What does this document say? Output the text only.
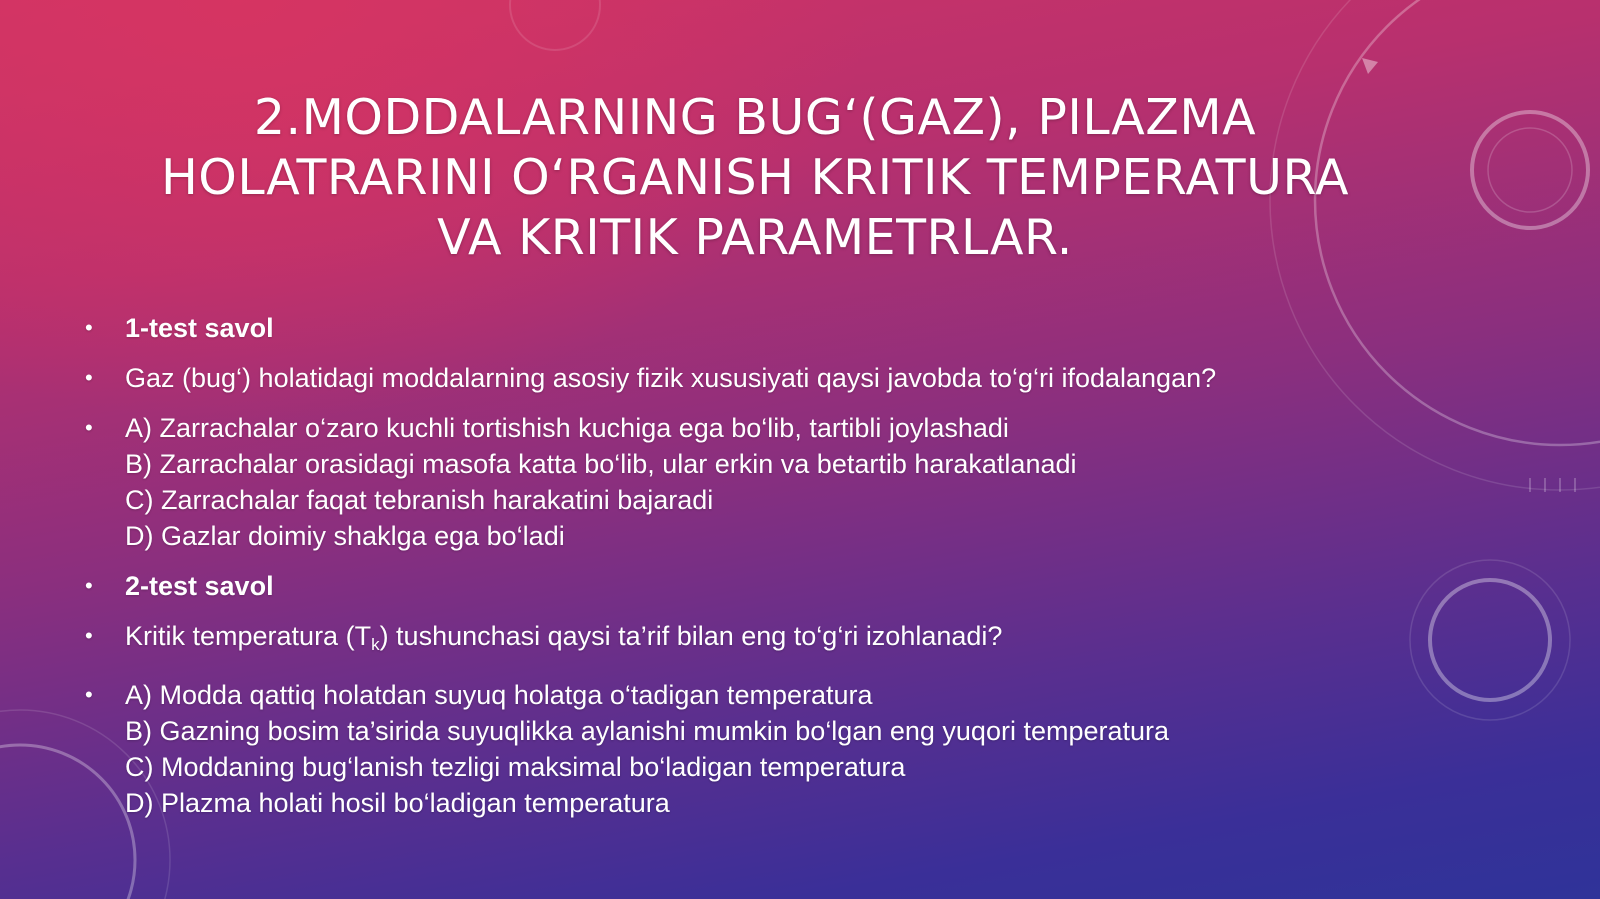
2.MODDALARNING BUG‘(GAZ), PILAZMA
HOLATRARINI O‘RGANISH KRITIK TEMPERATURA
VA KRITIK PARAMETRLAR.
• 1-test savol
• Gaz (bug‘) holatidagi moddalarning asosiy fizik xususiyati qaysi javobda to‘g‘ri ifodalangan?
• A) Zarrachalar o‘zaro kuchli tortishish kuchiga ega bo‘lib, tartibli joylashadi
B) Zarrachalar orasidagi masofa katta bo‘lib, ular erkin va betartib harakatlanadi
C) Zarrachalar faqat tebranish harakatini bajaradi
D) Gazlar doimiy shaklga ega bo‘ladi
• 2-test savol
• Kritik temperatura $(T_k)$ tushunchasi qaysi ta’rif bilan eng to‘g‘ri izohlanadi?
• A) Modda qattiq holatdan suyuq holatga o‘tadigan temperatura
B) Gazning bosim ta’sirida suyuqlikka aylanishi mumkin bo‘lgan eng yuqori temperatura
C) Moddaning bug‘lanish tezligi maksimal bo‘ladigan temperatura
D) Plazma holati hosil bo‘ladigan temperatura
